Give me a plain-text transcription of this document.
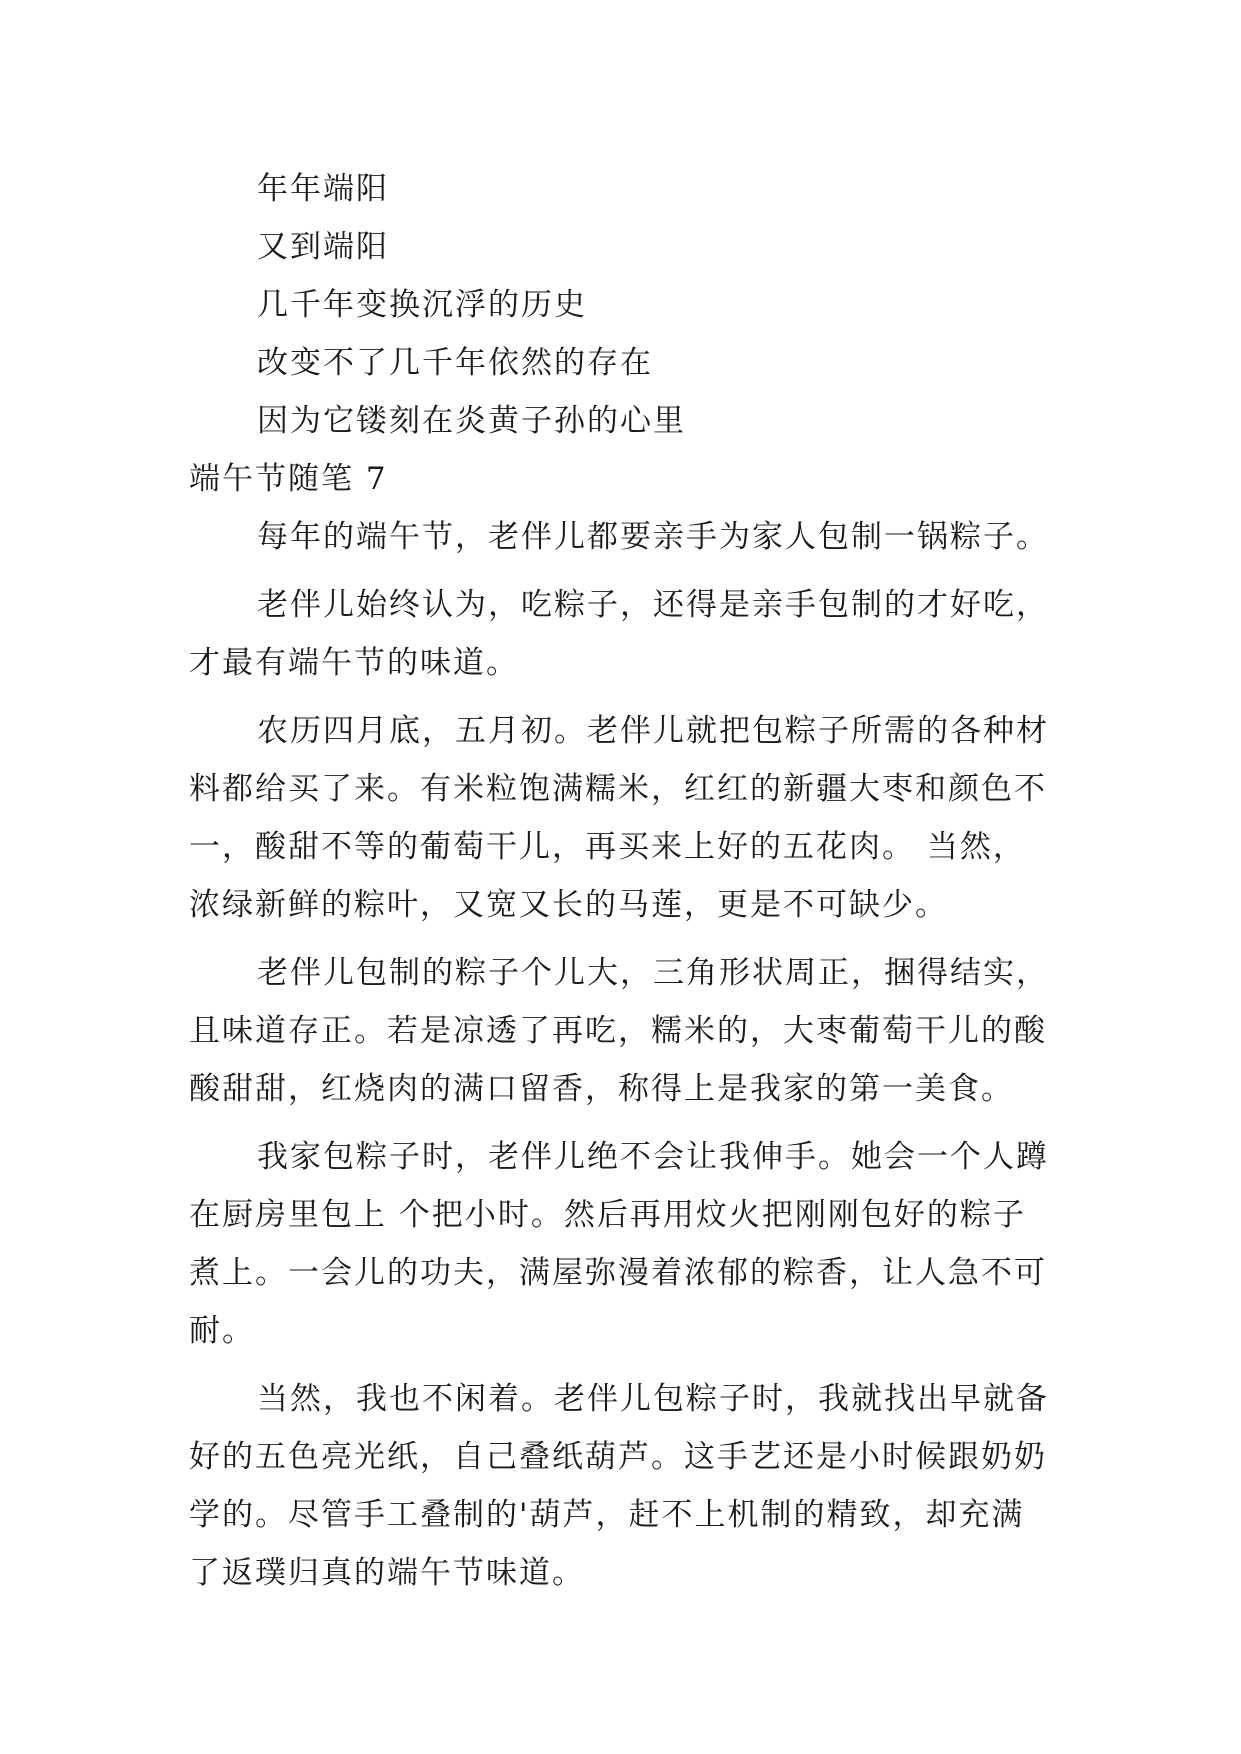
年年端阳
又到端阳
几千年变换沉浮的历史
改变不了几千年依然的存在
因为它镂刻在炎黄子孙的心里
端午节随笔 7
每年的端午节，老伴儿都要亲手为家人包制一锅粽子。
老伴儿始终认为，吃粽子，还得是亲手包制的才好吃，
才最有端午节的味道。
农历四月底，五月初。老伴儿就把包粽子所需的各种材
料都给买了来。有米粒饱满糯米，红红的新疆大枣和颜色不
一，酸甜不等的葡萄干儿，再买来上好的五花肉。 当然，
浓绿新鲜的粽叶，又宽又长的马莲，更是不可缺少。
老伴儿包制的粽子个儿大，三角形状周正，捆得结实，
且味道存正。若是凉透了再吃，糯米的，大枣葡萄干儿的酸
酸甜甜，红烧肉的满口留香，称得上是我家的第一美食。
我家包粽子时，老伴儿绝不会让我伸手。她会一个人蹲
在厨房里包上 个把小时。然后再用炆火把刚刚包好的粽子
煮上。一会儿的功夫，满屋弥漫着浓郁的粽香，让人急不可
耐。
当然，我也不闲着。老伴儿包粽子时，我就找出早就备
好的五色亮光纸，自己叠纸葫芦。这手艺还是小时候跟奶奶
学的。尽管手工叠制的'葫芦，赶不上机制的精致，却充满
了返璞归真的端午节味道。
